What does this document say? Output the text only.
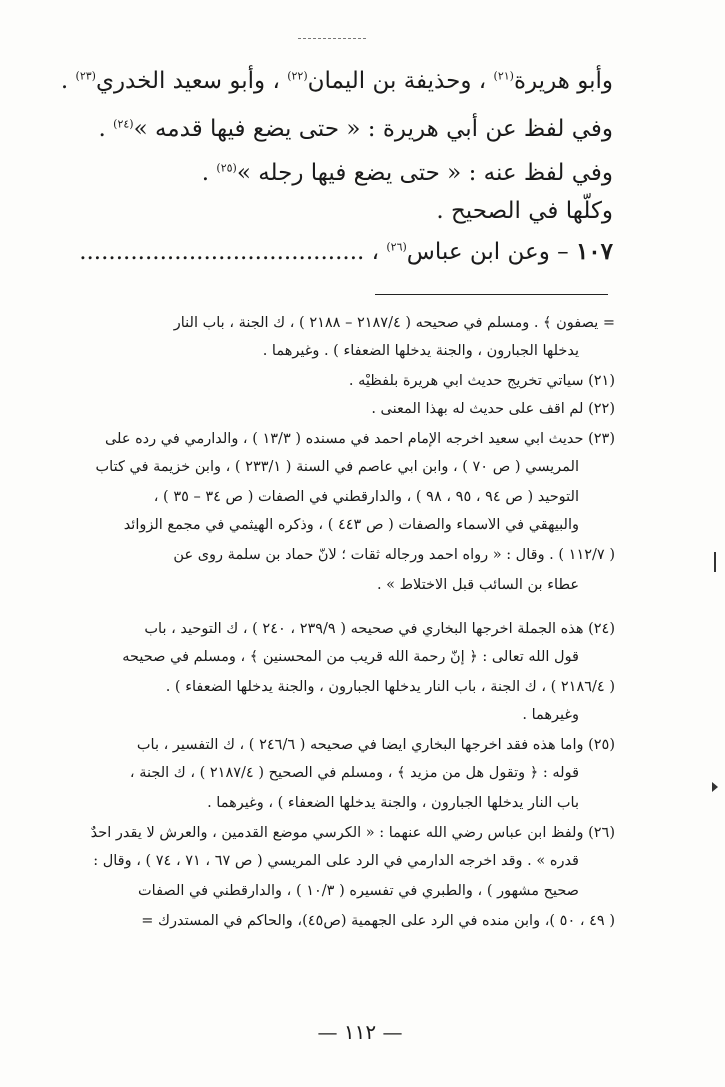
وأبو هريرة$^{(٢١)}$ ، وحذيفة بن اليمان$^{(٢٢)}$ ، وأبو سعيد الخدري$^{(٢٣)}$ .
وفي لفظ عن أبي هريرة : « حتى يضع فيها قدمه »$^{(٢٤)}$ .
وفي لفظ عنه : « حتى يضع فيها رجله »$^{(٢٥)}$ .
وكلّها في الصحيح .
١٠٧ – وعن ابن عباس$^{(٢٦)}$ ، .......................................
= يصفون ﴾ . ومسلم في صحيحه ( ٢١٨٧/٤ – ٢١٨٨ ) ، ك الجنة ، باب النار
يدخلها الجبارون ، والجنة يدخلها الضعفاء ) . وغيرهما .
(٢١) سيأتي تخريج حديث أبي هريرة بلفظَيْه .
(٢٢) لم أقف على حديث له بهذا المعنى .
(٢٣) حديث أبي سعيد أخرجه الإمام أحمد في مسنده ( ١٣/٣ ) ، والدارمي في رده على
المريسي ( ص ٧٠ ) ، وابن أبي عاصم في السنة ( ٢٣٣/١ ) ، وابن خزيمة في كتاب
التوحيد ( ص ٩٤ ، ٩٥ ، ٩٨ ) ، والدارقطني في الصفات ( ص ٣٤ – ٣٥ ) ،
والبيهقي في الأسماء والصفات ( ص ٤٤٣ ) ، وذكره الهيثمي في مجمع الزوائد
( ١١٢/٧ ) . وقال : « رواه أحمد ورجاله ثقات ؛ لأنّ حماد بن سلمة روى عن
عطاء بن السائب قبل الاختلاط » .
(٢٤) هذه الجملة أخرجها البخاري في صحيحه ( ٢٣٩/٩ ، ٢٤٠ ) ، ك التوحيد ، باب
قول الله تعالى : ﴿ إنّ رحمة الله قريب من المحسنين ﴾ ، ومسلم في صحيحه
( ٢١٨٦/٤ ) ، ك الجنة ، باب النار يدخلها الجبارون ، والجنة يدخلها الضعفاء ) .
وغيرهما .
(٢٥) وأما هذه فقد أخرجها البخاري أيضاً في صحيحه ( ٢٤٦/٦ ) ، ك التفسير ، باب
قوله : ﴿ وتقول هل من مزيد ﴾ ، ومسلم في الصحيح ( ٢١٨٧/٤ ) ، ك الجنة ،
باب النار يدخلها الجبارون ، والجنة يدخلها الضعفاء ) ، وغيرهما .
(٢٦) ولفظ ابن عباس رضي الله عنهما : « الكرسي موضع القدمين ، والعرش لا يقدر أحدٌ
قدره » . وقد أخرجه الدارمي في الرد على المريسي ( ص ٦٧ ، ٧١ ، ٧٤ ) ، وقال :
صحيح مشهور ) ، والطبري في تفسيره ( ١٠/٣ ) ، والدارقطني في الصفات
( ٤٩ ، ٥٠ )، وابن منده في الرد على الجهمية (ص٤٥)، والحاكم في المستدرك =
— ١١٢ —
